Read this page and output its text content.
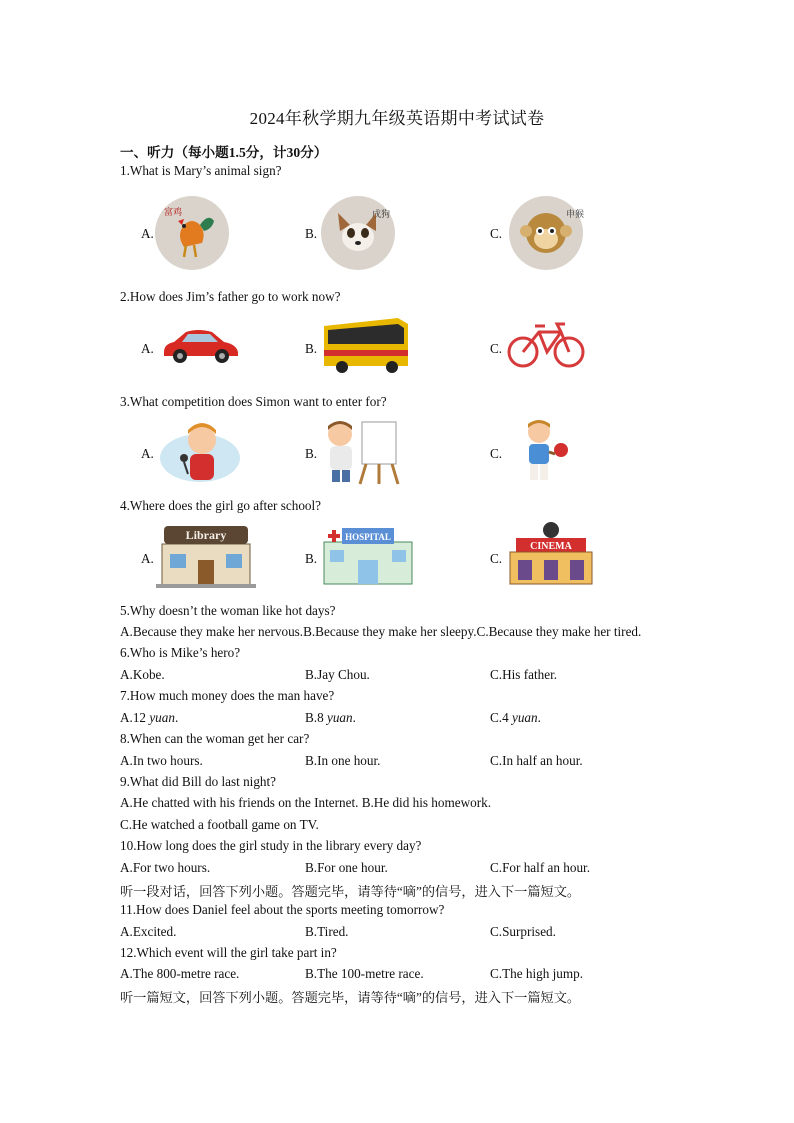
2024年秋学期九年级英语期中考试试卷
一、听力（每小题1.5分，计30分）
1.What is Mary’s animal sign?
A.	B.	C.
富鸡	戌狗	申猴
2.How does Jim’s father go to work now?
A.	B.	C.
3.What competition does Simon want to enter for?
A.	B.	C.
4.Where does the girl go after school?
A.	B.	C.
Library	HOSPITAL
CINEMA
5.Why doesn’t the woman like hot days?
A.Because they make her nervous.B.Because they make her sleepy.C.Because they make her tired.
6.Who is Mike’s hero?
A.Kobe.	B.Jay Chou.	C.His father.
7.How much money does the man have?
A.12 yuan.	B.8 yuan.	C.4 yuan.
8.When can the woman get her car?
A.In two hours.	B.In one hour.	C.In half an hour.
9.What did Bill do last night?
A.He chatted with his friends on the Internet. B.He did his homework.
C.He watched a football game on TV.
10.How long does the girl study in the library every day?
A.For two hours.	B.For one hour.	C.For half an hour.
听一段对话，回答下列小题。答题完毕，请等待“嘀”的信号，进入下一篇短文。
11.How does Daniel feel about the sports meeting tomorrow?
A.Excited.	B.Tired.	C.Surprised.
12.Which event will the girl take part in?
A.The 800-metre race.	B.The 100-metre race.	C.The high jump.
听一篇短文，回答下列小题。答题完毕，请等待“嘀”的信号，进入下一篇短文。
